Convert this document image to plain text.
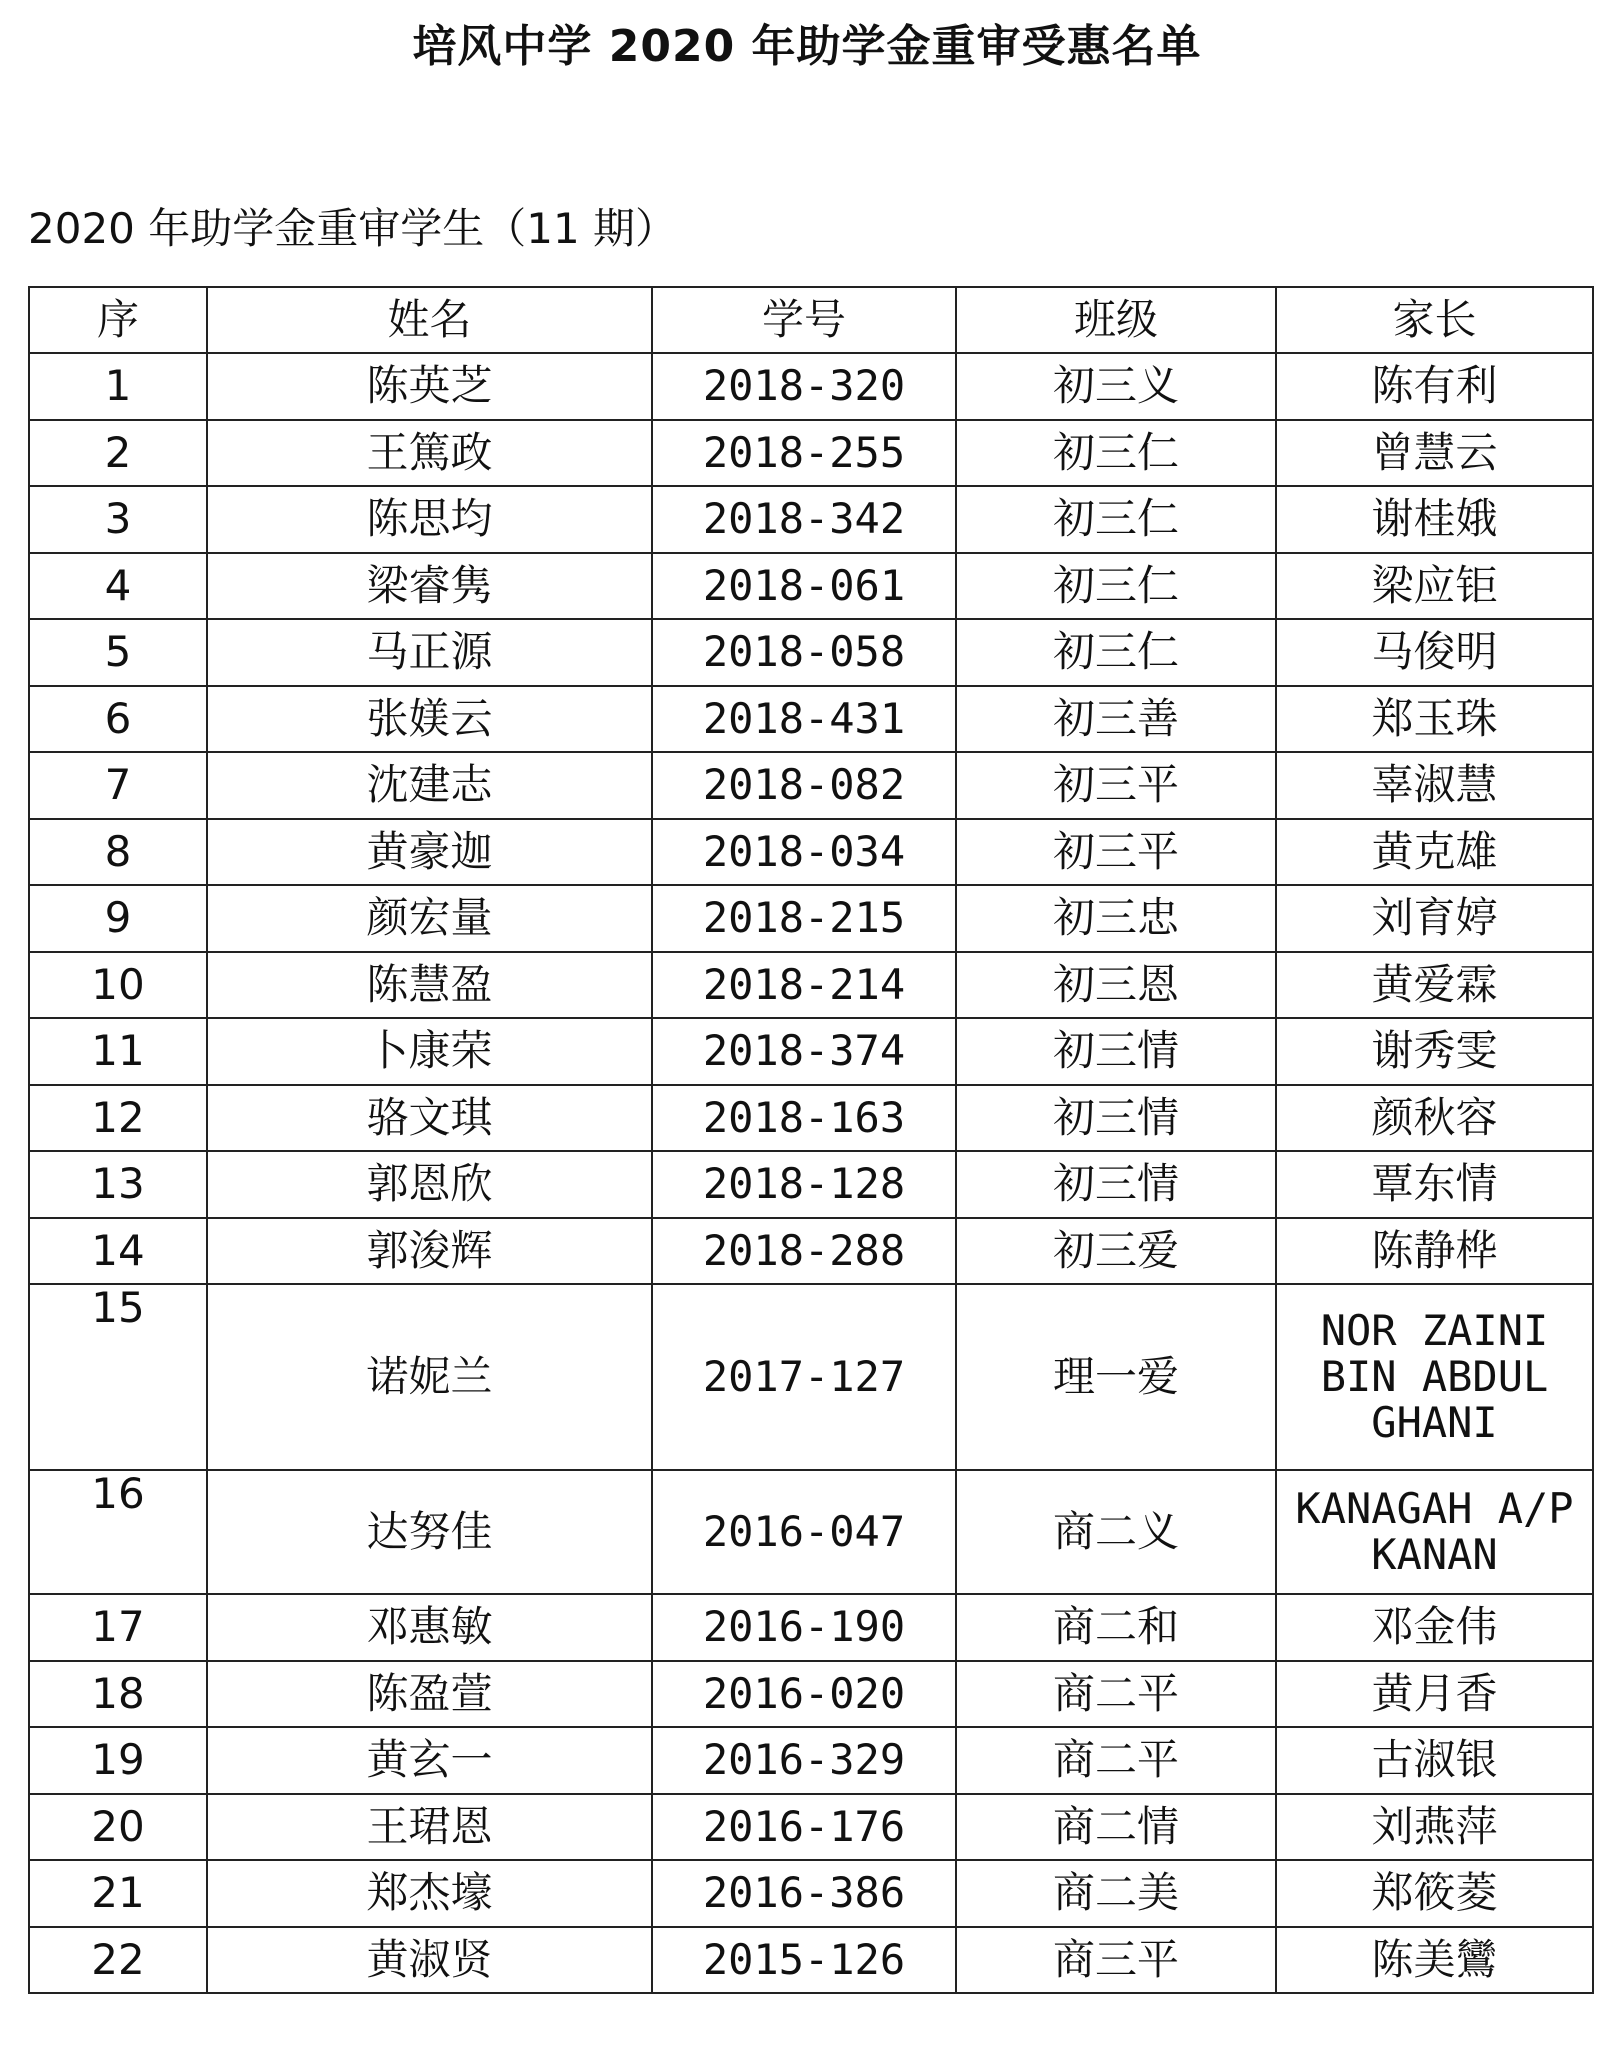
培风中学 2020 年助学金重审受惠名单
2020 年助学金重审学生（11 期）
序	姓名	学号	班级	家长
1	陈英芝	2018-320	初三义	陈有利
2	王篤政	2018-255	初三仁	曾慧云
3	陈思均	2018-342	初三仁	谢桂娥
4	梁睿隽	2018-061	初三仁	梁应钜
5	马正源	2018-058	初三仁	马俊明
6	张媄云	2018-431	初三善	郑玉珠
7	沈建志	2018-082	初三平	辜淑慧
8	黄豪迦	2018-034	初三平	黄克雄
9	颜宏量	2018-215	初三忠	刘育婷
10	陈慧盈	2018-214	初三恩	黄爱霖
11	卜康荣	2018-374	初三情	谢秀雯
12	骆文琪	2018-163	初三情	颜秋容
13	郭恩欣	2018-128	初三情	覃东情
14	郭浚辉	2018-288	初三爱	陈静桦
15	诺妮兰	2017-127	理一爱	NOR ZAINI
BIN ABDUL
GHANI

16	达努佳	2016-047	商二义	KANAGAH A/P
KANAN

17	邓惠敏	2016-190	商二和	邓金伟
18	陈盈萱	2016-020	商二平	黄月香
19	黄玄一	2016-329	商二平	古淑银
20	王珺恩	2016-176	商二情	刘燕萍
21	郑杰壕	2016-386	商二美	郑筱菱
22	黄淑贤	2015-126	商三平	陈美鸞
